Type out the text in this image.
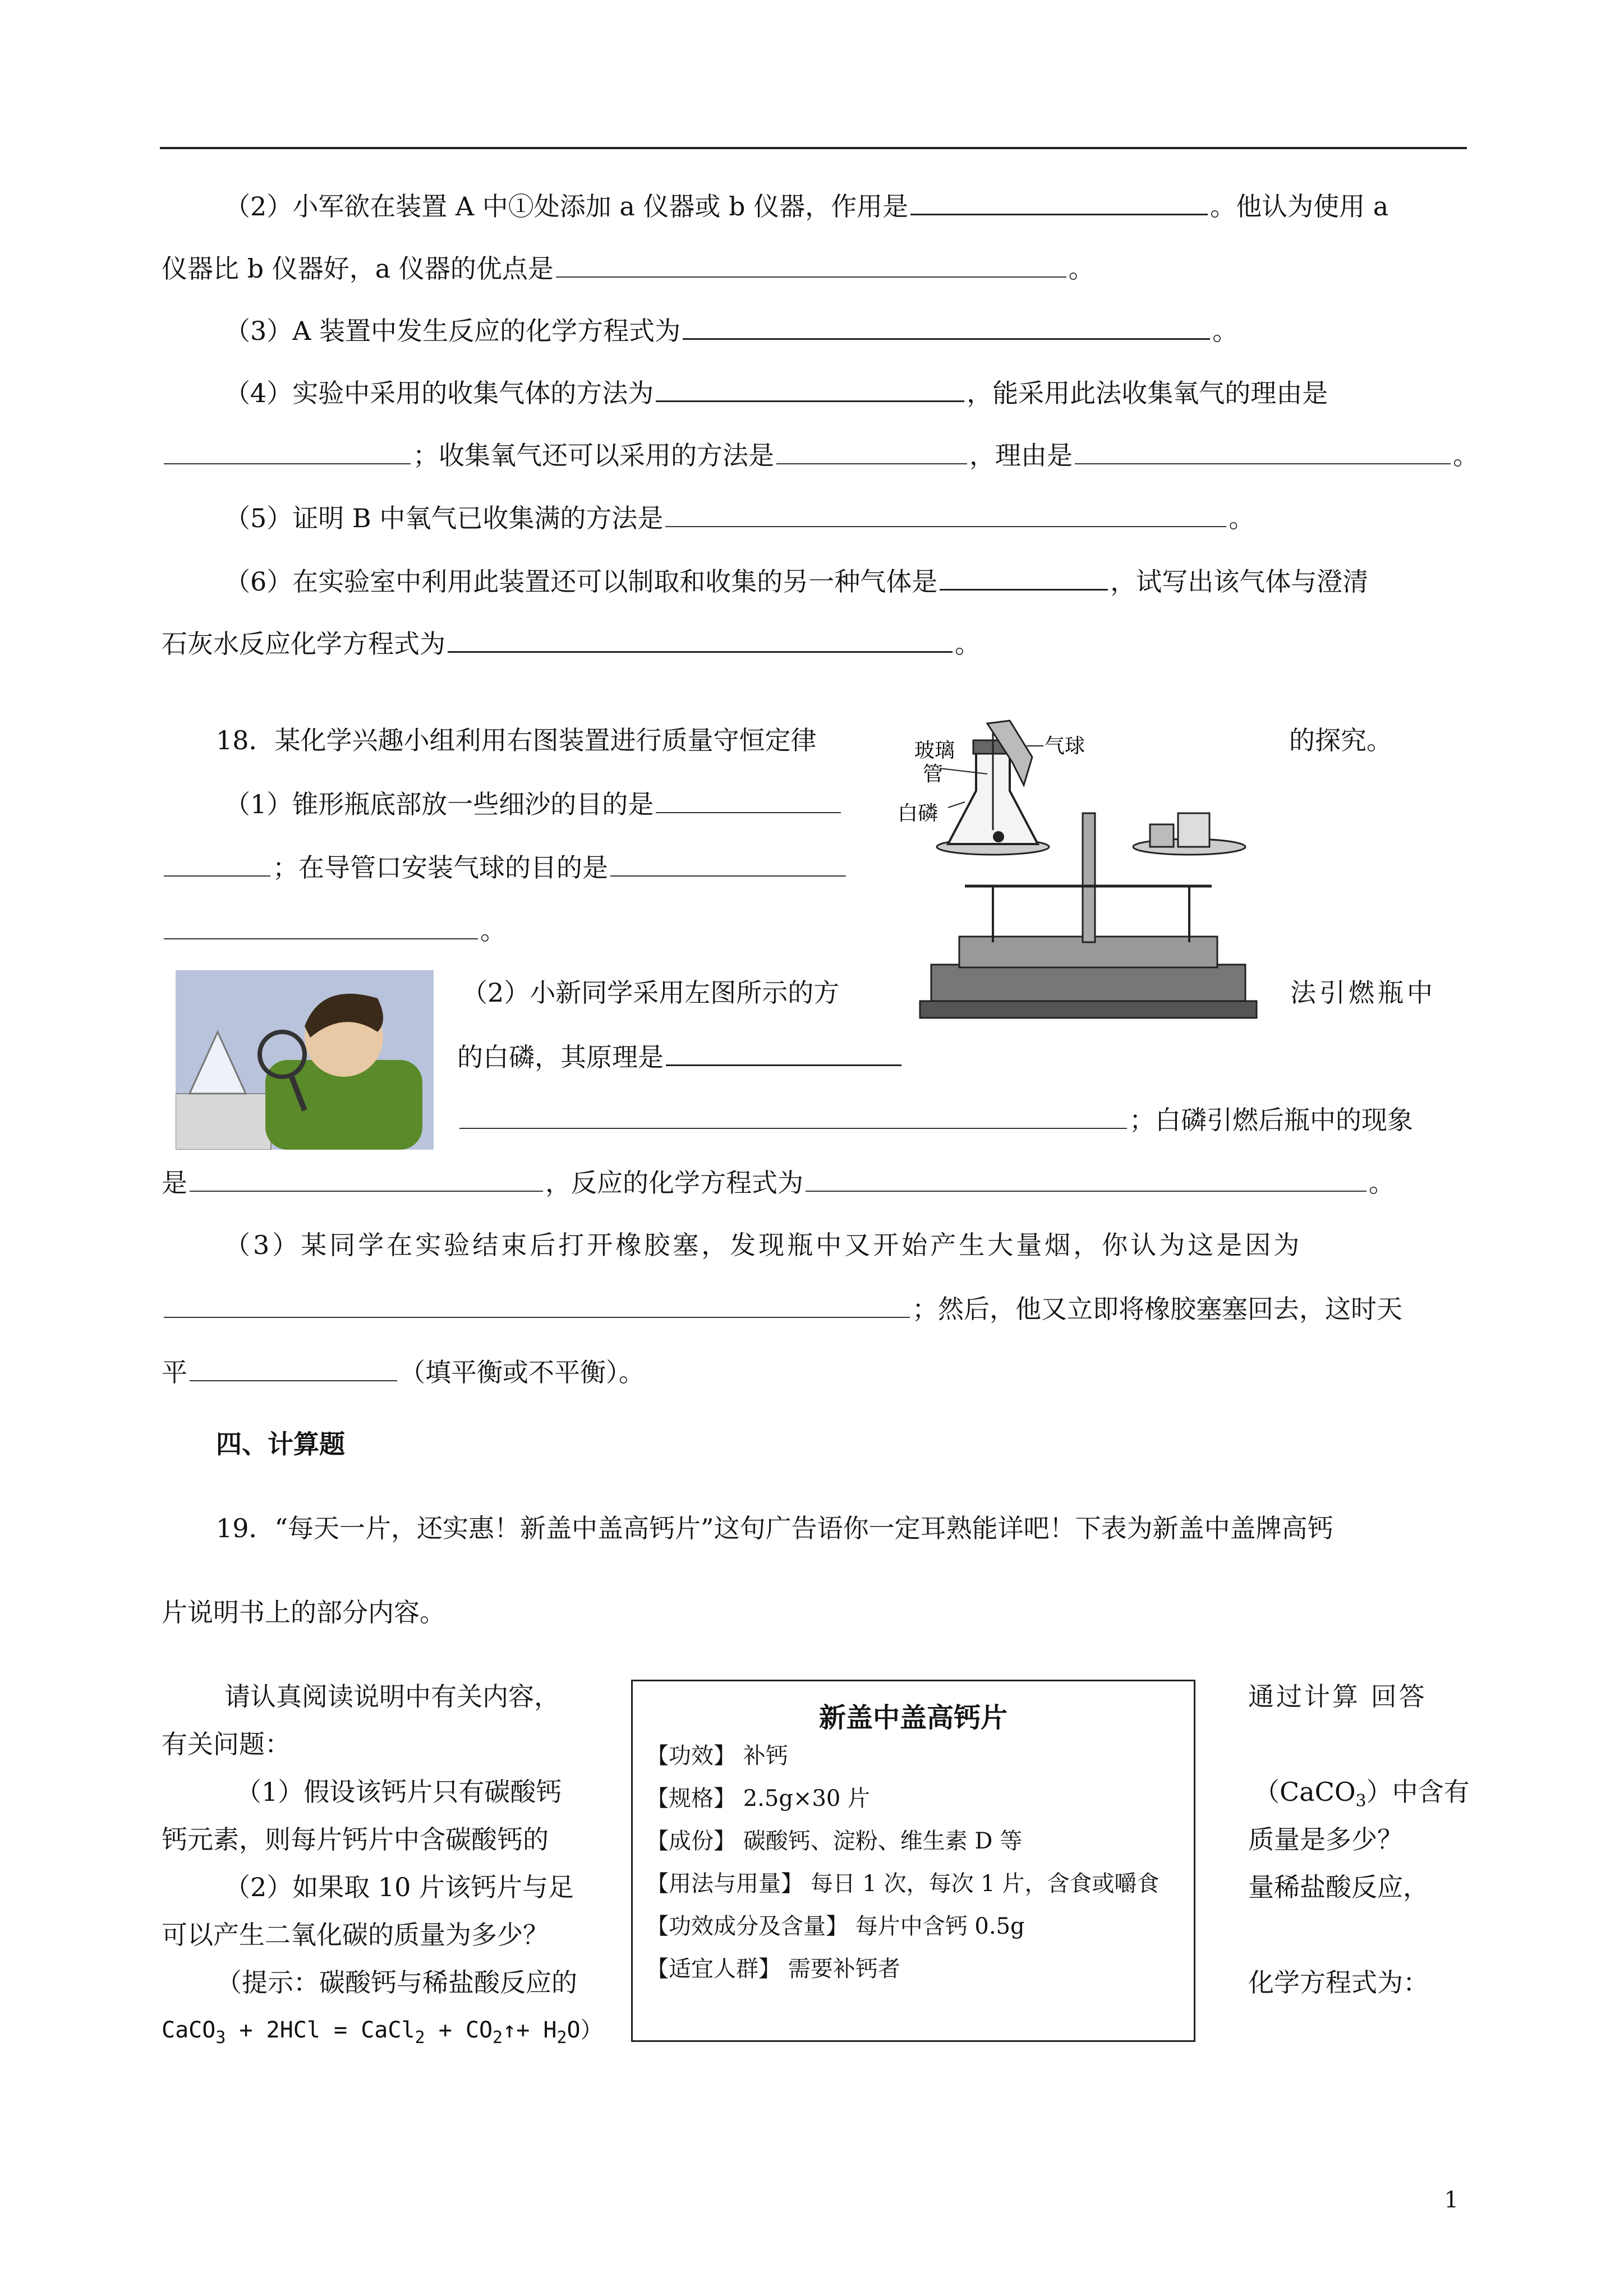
（2）小军欲在装置 A 中①处添加 a 仪器或 b 仪器，作用是	。他认为使用 a
仪器比 b 仪器好，a 仪器的优点是	。
（3）A 装置中发生反应的化学方程式为	。
（4）实验中采用的收集气体的方法为	，能采用此法收集氧气的理由是
；收集氧气还可以采用的方法是	，理由是	。
（5）证明 B 中氧气已收集满的方法是	。
（6）在实验室中利用此装置还可以制取和收集的另一种气体是	，试写出该气体与澄清
石灰水反应化学方程式为	。
18．某化学兴趣小组利用右图装置进行质量守恒定律	的探究。
（1）锥形瓶底部放一些细沙的目的是
；在导管口安装气球的目的是
。
玻璃
管
白磷
气球
（2）小新同学采用左图所示的方	法引燃瓶中
的白磷，其原理是
；白磷引燃后瓶中的现象
是	，反应的化学方程式为	。
（3）某同学在实验结束后打开橡胶塞，发现瓶中又开始产生大量烟，你认为这是因为
；然后，他又立即将橡胶塞塞回去，这时天
平	（填平衡或不平衡）。
四、计算题
19．“每天一片，还实惠！新盖中盖高钙片”这句广告语你一定耳熟能详吧！下表为新盖中盖牌高钙
片说明书上的部分内容。
请认真阅读说明中有关内容，
有关问题：
（1）假设该钙片只有碳酸钙
钙元素，则每片钙片中含碳酸钙的
（2）如果取 10 片该钙片与足
可以产生二氧化碳的质量为多少？
（提示：碳酸钙与稀盐酸反应的
CaCO$_3$ + 2HCl = CaCl$_2$ + $CO_2↑+ H_2O$）
新盖中盖高钙片
【功效】 补钙
【规格】 2.5g×30 片
【成份】 碳酸钙、淀粉、维生素 D 等
【用法与用量】 每日 1 次，每次 1 片，含食或嚼食
【功效成分及含量】 每片中含钙 0.5g
【适宜人群】 需要补钙者
通过计算 回答
（CaCO$_3$）中含有
质量是多少？
量稀盐酸反应，
化学方程式为：
1
